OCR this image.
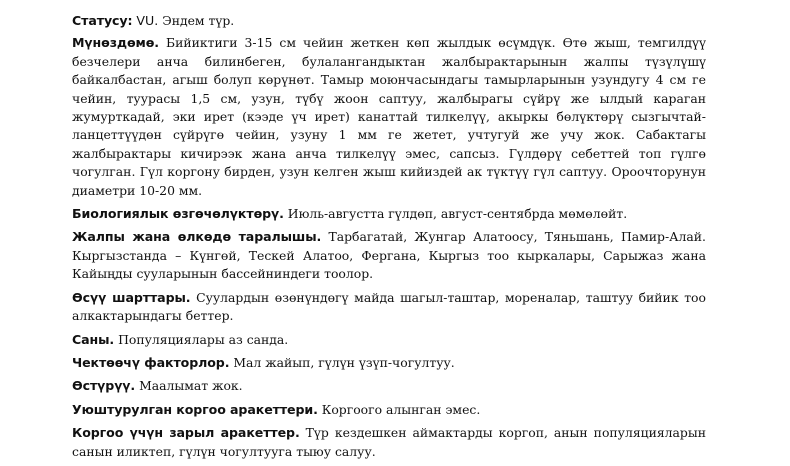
Статусу: VU. Эндем түр.

Мүнөздөмө. Бийиктиги 3-15 см чейин жеткен көп жылдык өсүмдүк. Өтө жыш, темгилдүү безчелери анча билинбеген, булалангандыктан жалбырактарынын жалпы түзүлүшү байкалбастан, агыш болуп көрүнөт. Тамыр моюнчасындагы тамырларынын узундугу 4 см ге чейин, туурасы 1,5 см, узун, түбү жоон саптуу, жалбырагы сүйрү же ылдый караган жумурткадай, эки ирет (кээде үч ирет) канаттай тилкелүү, акыркы бөлүктөрү сызгычтай-ланцеттүүдөн сүйрүгө чейин, узуну 1 мм ге жетет, учтугуй же учу жок. Сабактагы жалбырактары кичирээк жана анча тилкелүү эмес, сапсыз. Гүлдөрү себеттей топ гүлгө чогулган. Гүл коргону бирден, узун келген жыш кийиздей ак түктүү гүл саптуу. Ороочторунун диаметри 10-20 мм.

Биологиялык өзгөчөлүктөрү. Июль-августта гүлдөп, август-сентябрда мөмөлөйт.

Жалпы жана өлкөдө таралышы. Тарбагатай, Жунгар Алатоосу, Тяньшань, Памир-Алай. Кыргызстанда – Күнгөй, Тескей Алатоо, Фергана, Кыргыз тоо кыркалары, Сарыжаз жана Кайыңды сууларынын бассейниндеги тоолор.

Өсүү шарттары. Суулардын өзөнүндөгү майда шагыл-таштар, мореналар, таштуу бийик тоо алкактарындагы беттер.

Саны. Популяциялары аз санда.

Чектөөчү факторлор. Мал жайып, гүлүн үзүп-чогултуу.

Өстүрүү. Маалымат жок.

Уюштурулган коргоо аракеттери. Коргоого алынган эмес.

Коргоо үчүн зарыл аракеттер. Түр кездешкен аймактарды коргоп, анын популяцияларын санын иликтеп, гүлүн чогултууга тыюу салуу.
